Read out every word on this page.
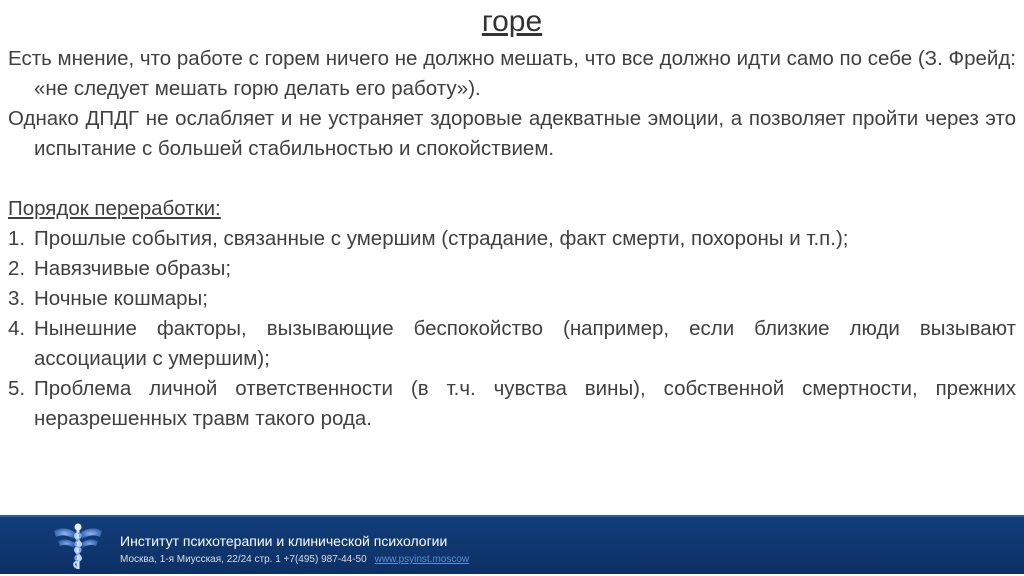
горе

Есть мнение, что работе с горем ничего не должно мешать, что все должно идти само по себе (З. Фрейд: «не следует мешать горю делать его работу»).

Однако ДПДГ не ослабляет и не устраняет здоровые адекватные эмоции, а позволяет пройти через это испытание с большей стабильностью и спокойствием.

Порядок переработки:

1. Прошлые события, связанные с умершим (страдание, факт смерти, похороны и т.п.);
2. Навязчивые образы;
3. Ночные кошмары;
4. Нынешние факторы, вызывающие беспокойство (например, если близкие люди вызывают ассоциации с умершим);
5. Проблема личной ответственности (в т.ч. чувства вины), собственной смертности, прежних неразрешенных травм такого рода.
Институт психотерапии и клинической психологии
Москва, 1-я Миусская, 22/24 стр. 1 +7(495) 987-44-50 www.psyinst.moscow
